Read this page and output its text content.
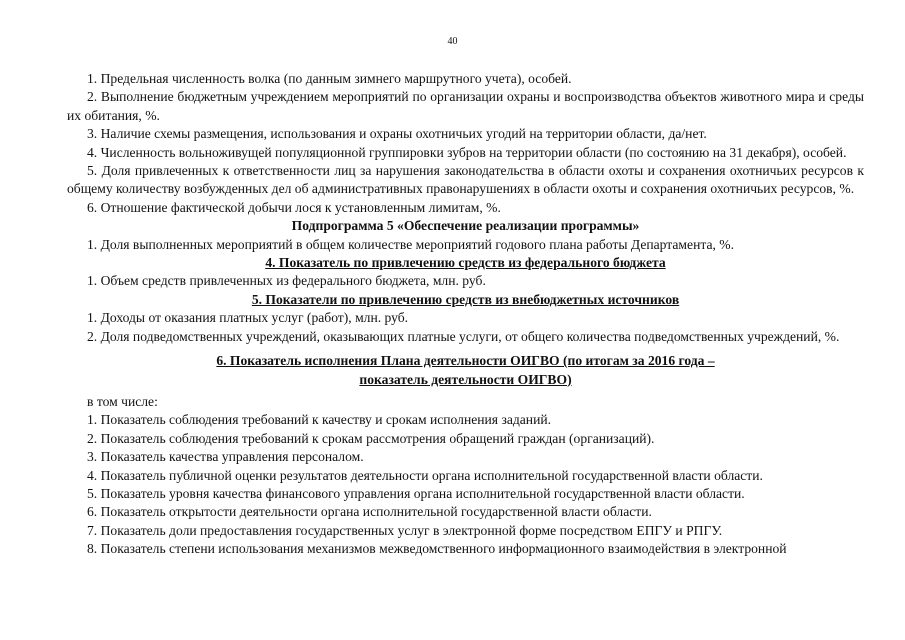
40

1. Предельная численность волка (по данным зимнего маршрутного учета), особей.

2. Выполнение бюджетным учреждением мероприятий по организации охраны и воспроизводства объектов животного мира и среды их обитания, %.

3. Наличие схемы размещения, использования и охраны охотничьих угодий на территории области, да/нет.

4. Численность вольноживущей популяционной группировки зубров на территории области (по состоянию на 31 декабря), особей.

5. Доля привлеченных к ответственности лиц за нарушения законодательства в области охоты и сохранения охотничьих ресурсов к общему количеству возбужденных дел об административных правонарушениях в области охоты и сохранения охотничьих ресурсов, %.

6. Отношение фактической добычи лося к установленным лимитам, %.

Подпрограмма 5 «Обеспечение реализации программы»

1. Доля выполненных мероприятий в общем количестве мероприятий годового плана работы Департамента, %.

4. Показатель по привлечению средств из федерального бюджета

1. Объем средств привлеченных из федерального бюджета, млн. руб.

5. Показатели по привлечению средств из внебюджетных источников

1. Доходы от оказания платных услуг (работ), млн. руб.

2. Доля подведомственных учреждений, оказывающих платные услуги, от общего количества подведомственных учреждений, %.

6. Показатель исполнения Плана деятельности ОИГВО (по итогам за 2016 года –

показатель деятельности ОИГВО)

в том числе:

1. Показатель соблюдения требований к качеству и срокам исполнения заданий.

2. Показатель соблюдения требований к срокам рассмотрения обращений граждан (организаций).

3. Показатель качества управления персоналом.

4. Показатель публичной оценки результатов деятельности органа исполнительной государственной власти области.

5. Показатель уровня качества финансового управления органа исполнительной государственной власти области.

6. Показатель открытости деятельности органа исполнительной государственной власти области.

7. Показатель доли предоставления государственных услуг в электронной форме посредством ЕПГУ и РПГУ.

8. Показатель степени использования механизмов межведомственного информационного взаимодействия в электронной
